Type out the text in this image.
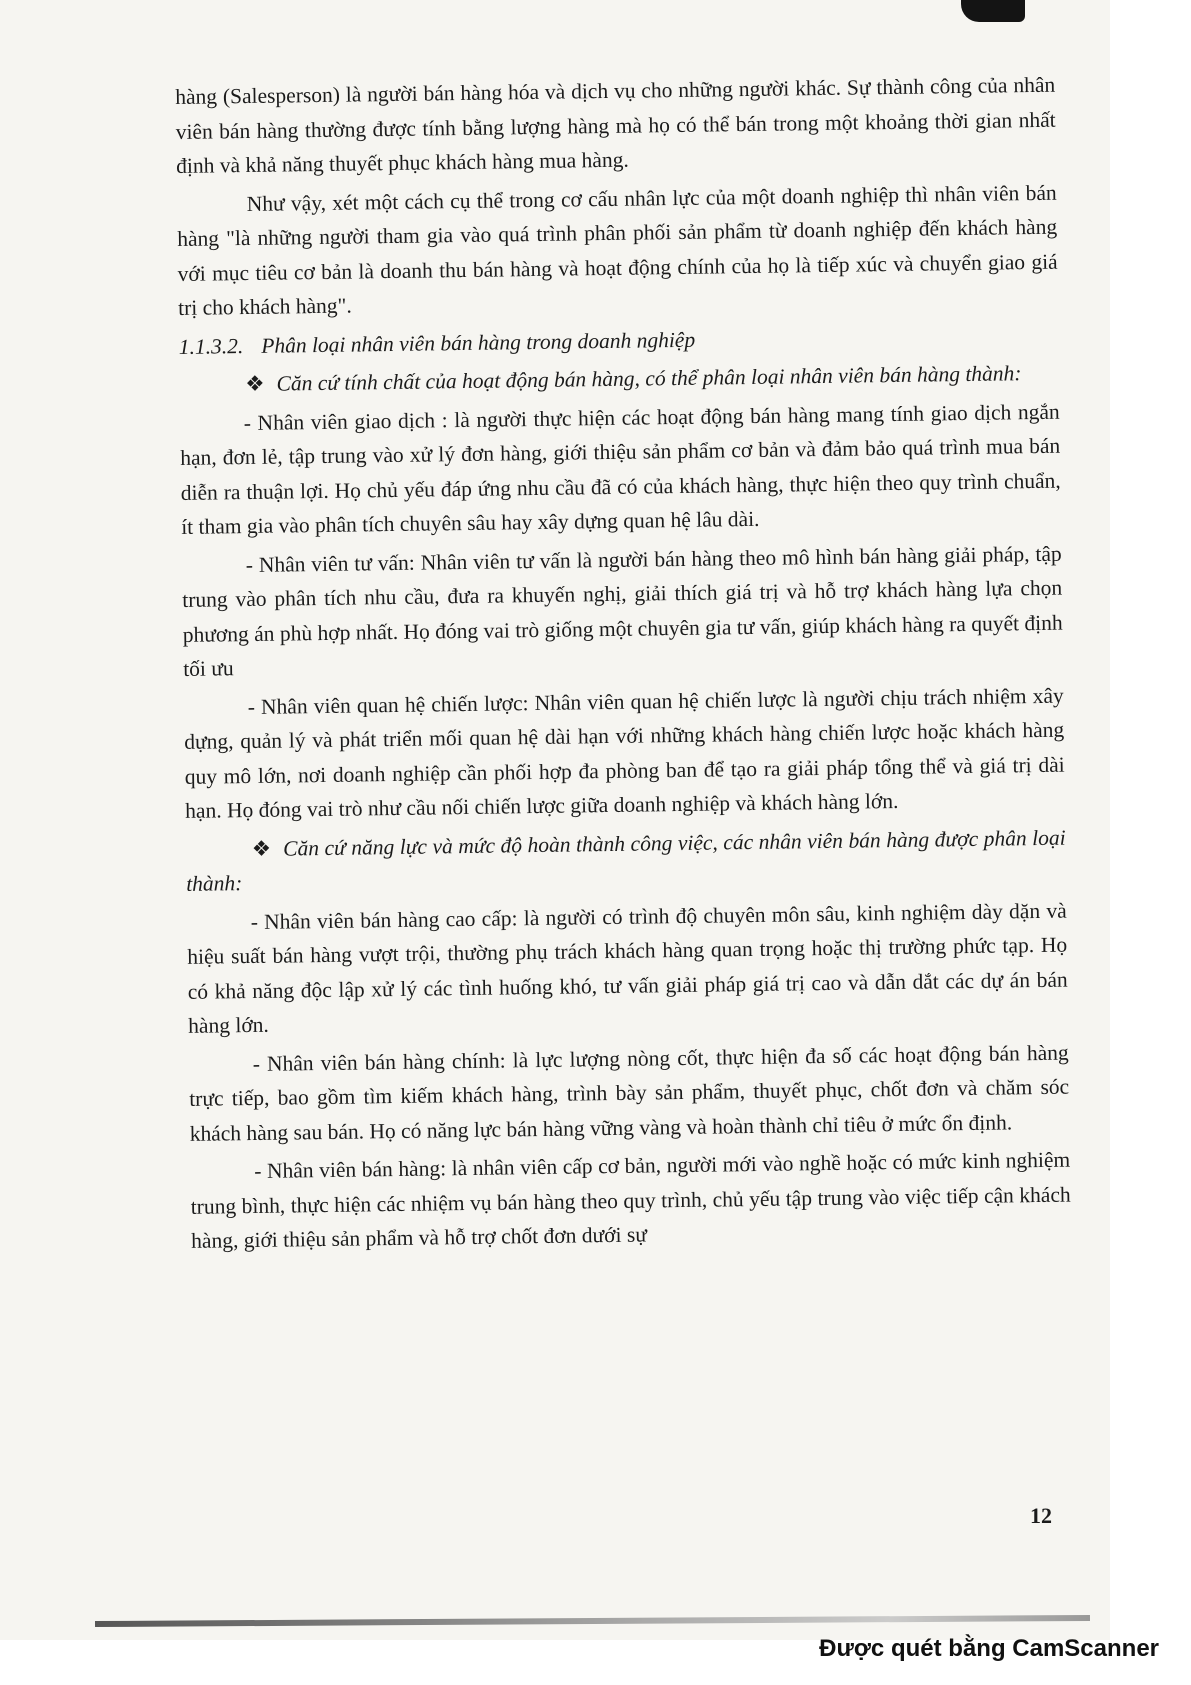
hàng (Salesperson) là người bán hàng hóa và dịch vụ cho những người khác. Sự thành công của nhân viên bán hàng thường được tính bằng lượng hàng mà họ có thể bán trong một khoảng thời gian nhất định và khả năng thuyết phục khách hàng mua hàng.

Như vậy, xét một cách cụ thể trong cơ cấu nhân lực của một doanh nghiệp thì nhân viên bán hàng "là những người tham gia vào quá trình phân phối sản phẩm từ doanh nghiệp đến khách hàng với mục tiêu cơ bản là doanh thu bán hàng và hoạt động chính của họ là tiếp xúc và chuyển giao giá trị cho khách hàng".

1.1.3.2. Phân loại nhân viên bán hàng trong doanh nghiệp

❖ Căn cứ tính chất của hoạt động bán hàng, có thể phân loại nhân viên bán hàng thành:

- Nhân viên giao dịch : là người thực hiện các hoạt động bán hàng mang tính giao dịch ngắn hạn, đơn lẻ, tập trung vào xử lý đơn hàng, giới thiệu sản phẩm cơ bản và đảm bảo quá trình mua bán diễn ra thuận lợi. Họ chủ yếu đáp ứng nhu cầu đã có của khách hàng, thực hiện theo quy trình chuẩn, ít tham gia vào phân tích chuyên sâu hay xây dựng quan hệ lâu dài.

- Nhân viên tư vấn: Nhân viên tư vấn là người bán hàng theo mô hình bán hàng giải pháp, tập trung vào phân tích nhu cầu, đưa ra khuyến nghị, giải thích giá trị và hỗ trợ khách hàng lựa chọn phương án phù hợp nhất. Họ đóng vai trò giống một chuyên gia tư vấn, giúp khách hàng ra quyết định tối ưu

- Nhân viên quan hệ chiến lược: Nhân viên quan hệ chiến lược là người chịu trách nhiệm xây dựng, quản lý và phát triển mối quan hệ dài hạn với những khách hàng chiến lược hoặc khách hàng quy mô lớn, nơi doanh nghiệp cần phối hợp đa phòng ban để tạo ra giải pháp tổng thể và giá trị dài hạn. Họ đóng vai trò như cầu nối chiến lược giữa doanh nghiệp và khách hàng lớn.

❖ Căn cứ năng lực và mức độ hoàn thành công việc, các nhân viên bán hàng được phân loại thành:

- Nhân viên bán hàng cao cấp: là người có trình độ chuyên môn sâu, kinh nghiệm dày dặn và hiệu suất bán hàng vượt trội, thường phụ trách khách hàng quan trọng hoặc thị trường phức tạp. Họ có khả năng độc lập xử lý các tình huống khó, tư vấn giải pháp giá trị cao và dẫn dắt các dự án bán hàng lớn.

- Nhân viên bán hàng chính: là lực lượng nòng cốt, thực hiện đa số các hoạt động bán hàng trực tiếp, bao gồm tìm kiếm khách hàng, trình bày sản phẩm, thuyết phục, chốt đơn và chăm sóc khách hàng sau bán. Họ có năng lực bán hàng vững vàng và hoàn thành chỉ tiêu ở mức ổn định.

- Nhân viên bán hàng: là nhân viên cấp cơ bản, người mới vào nghề hoặc có mức kinh nghiệm trung bình, thực hiện các nhiệm vụ bán hàng theo quy trình, chủ yếu tập trung vào việc tiếp cận khách hàng, giới thiệu sản phẩm và hỗ trợ chốt đơn dưới sự

12
Được quét bằng CamScanner
